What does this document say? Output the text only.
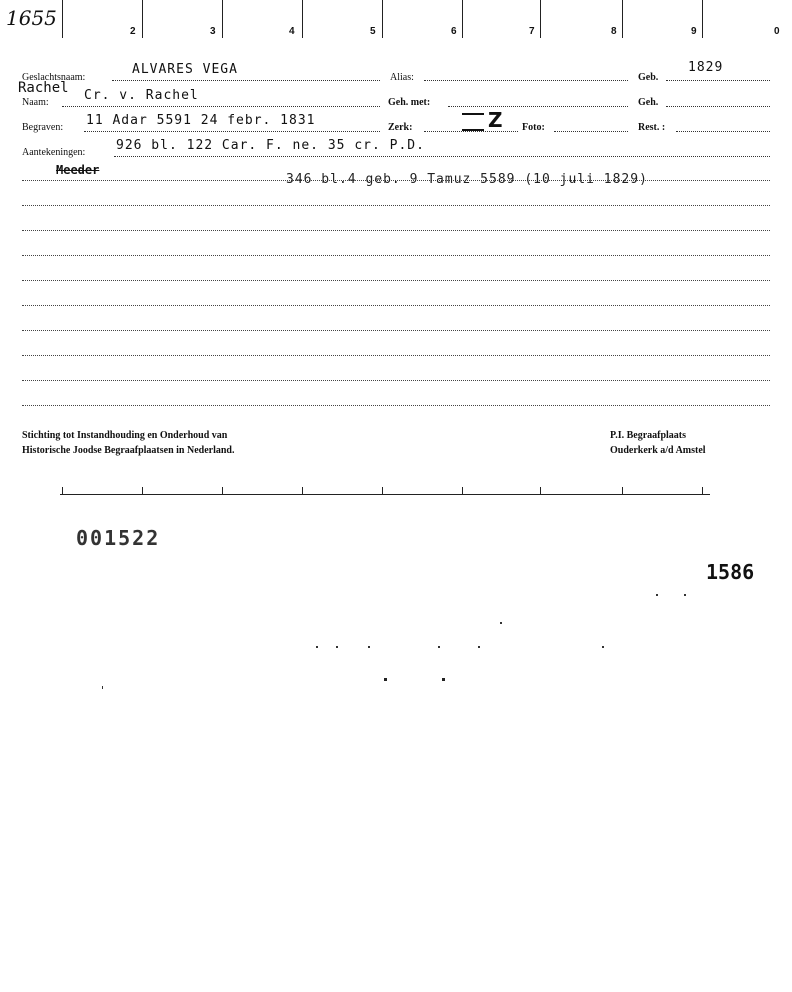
1655
2	3	4	5	6	7	8	9	0
Geslachtsnaam:
ALVARES VEGA
Alias:	Geb.
1829
Rachel
Naam:	Cr. v. Rachel	Geh. met:	Geh.
Begraven: 11 Adar 5591 24 febr. 1831	Zerk:	Z Foto:	Rest. :
Aantekeningen: 926 bl. 122 Car. F. ne. 35 cr. P.D.
Meeder
346 bl.4 geb. 9 Tamuz 5589 (10 juli 1829)
Stichting tot Instandhouding en Onderhoud van
Historische Joodse Begraafplaatsen in Nederland.
P.I. Begraafplaats
Ouderkerk a/d Amstel
001522
1586
